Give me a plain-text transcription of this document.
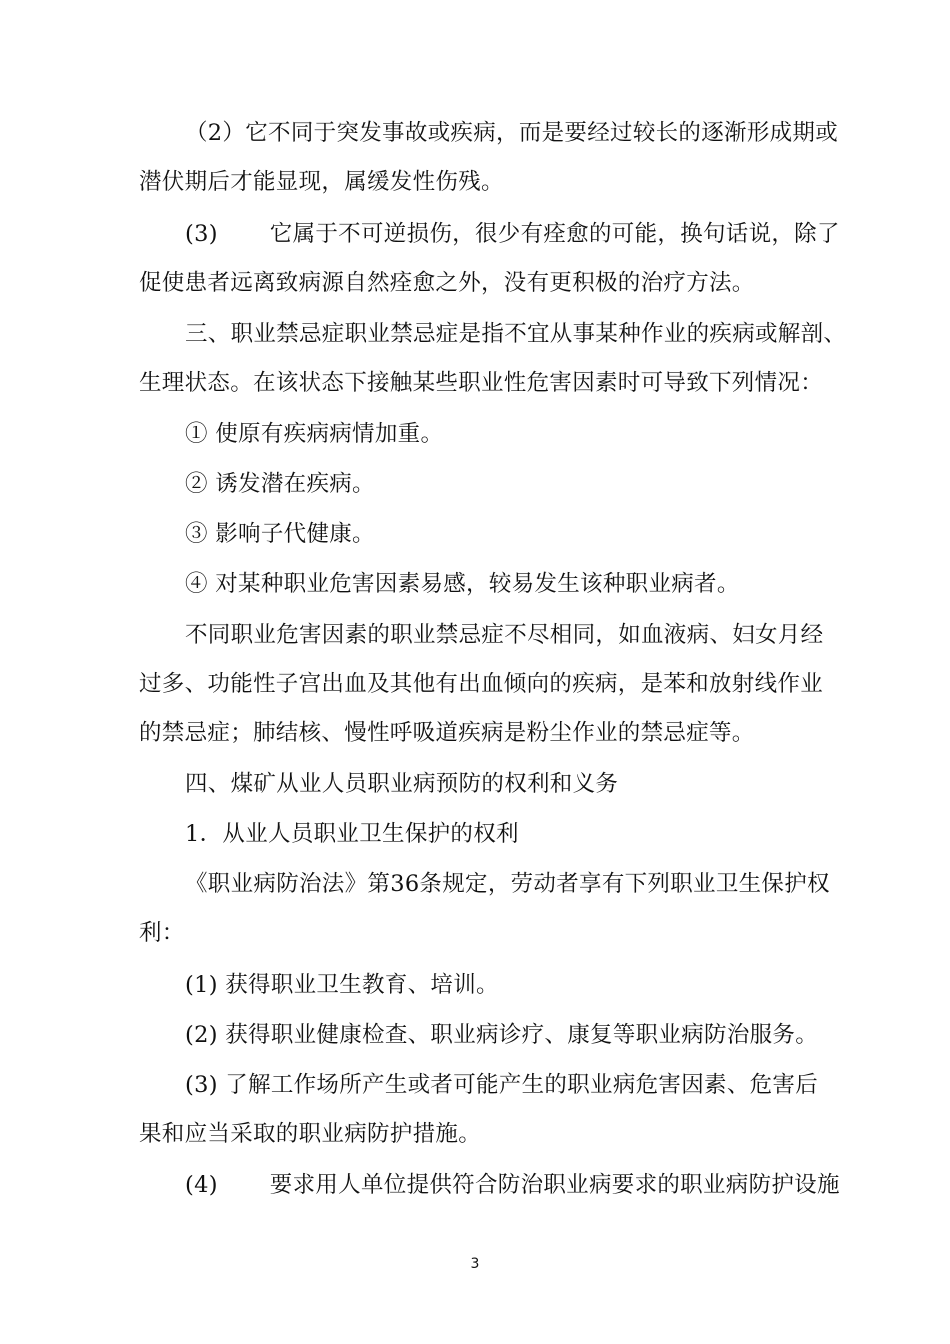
（2）它不同于突发事故或疾病，而是要经过较长的逐渐形成期或
潜伏期后才能显现，属缓发性伤残。
(3) 它属于不可逆损伤，很少有痊愈的可能，换句话说，除了
促使患者远离致病源自然痊愈之外，没有更积极的治疗方法。
三、职业禁忌症职业禁忌症是指不宜从事某种作业的疾病或解剖、
生理状态。在该状态下接触某些职业性危害因素时可导致下列情况：
① 使原有疾病病情加重。
② 诱发潜在疾病。
③ 影响子代健康。
④ 对某种职业危害因素易感，较易发生该种职业病者。
不同职业危害因素的职业禁忌症不尽相同，如血液病、妇女月经
过多、功能性子宫出血及其他有出血倾向的疾病，是苯和放射线作业
的禁忌症；肺结核、慢性呼吸道疾病是粉尘作业的禁忌症等。
四、煤矿从业人员职业病预防的权利和义务
1．从业人员职业卫生保护的权利
《职业病防治法》第36条规定，劳动者享有下列职业卫生保护权
利：
(1) 获得职业卫生教育、培训。
(2) 获得职业健康检查、职业病诊疗、康复等职业病防治服务。
(3) 了解工作场所产生或者可能产生的职业病危害因素、危害后
果和应当采取的职业病防护措施。
(4) 要求用人单位提供符合防治职业病要求的职业病防护设施
3
